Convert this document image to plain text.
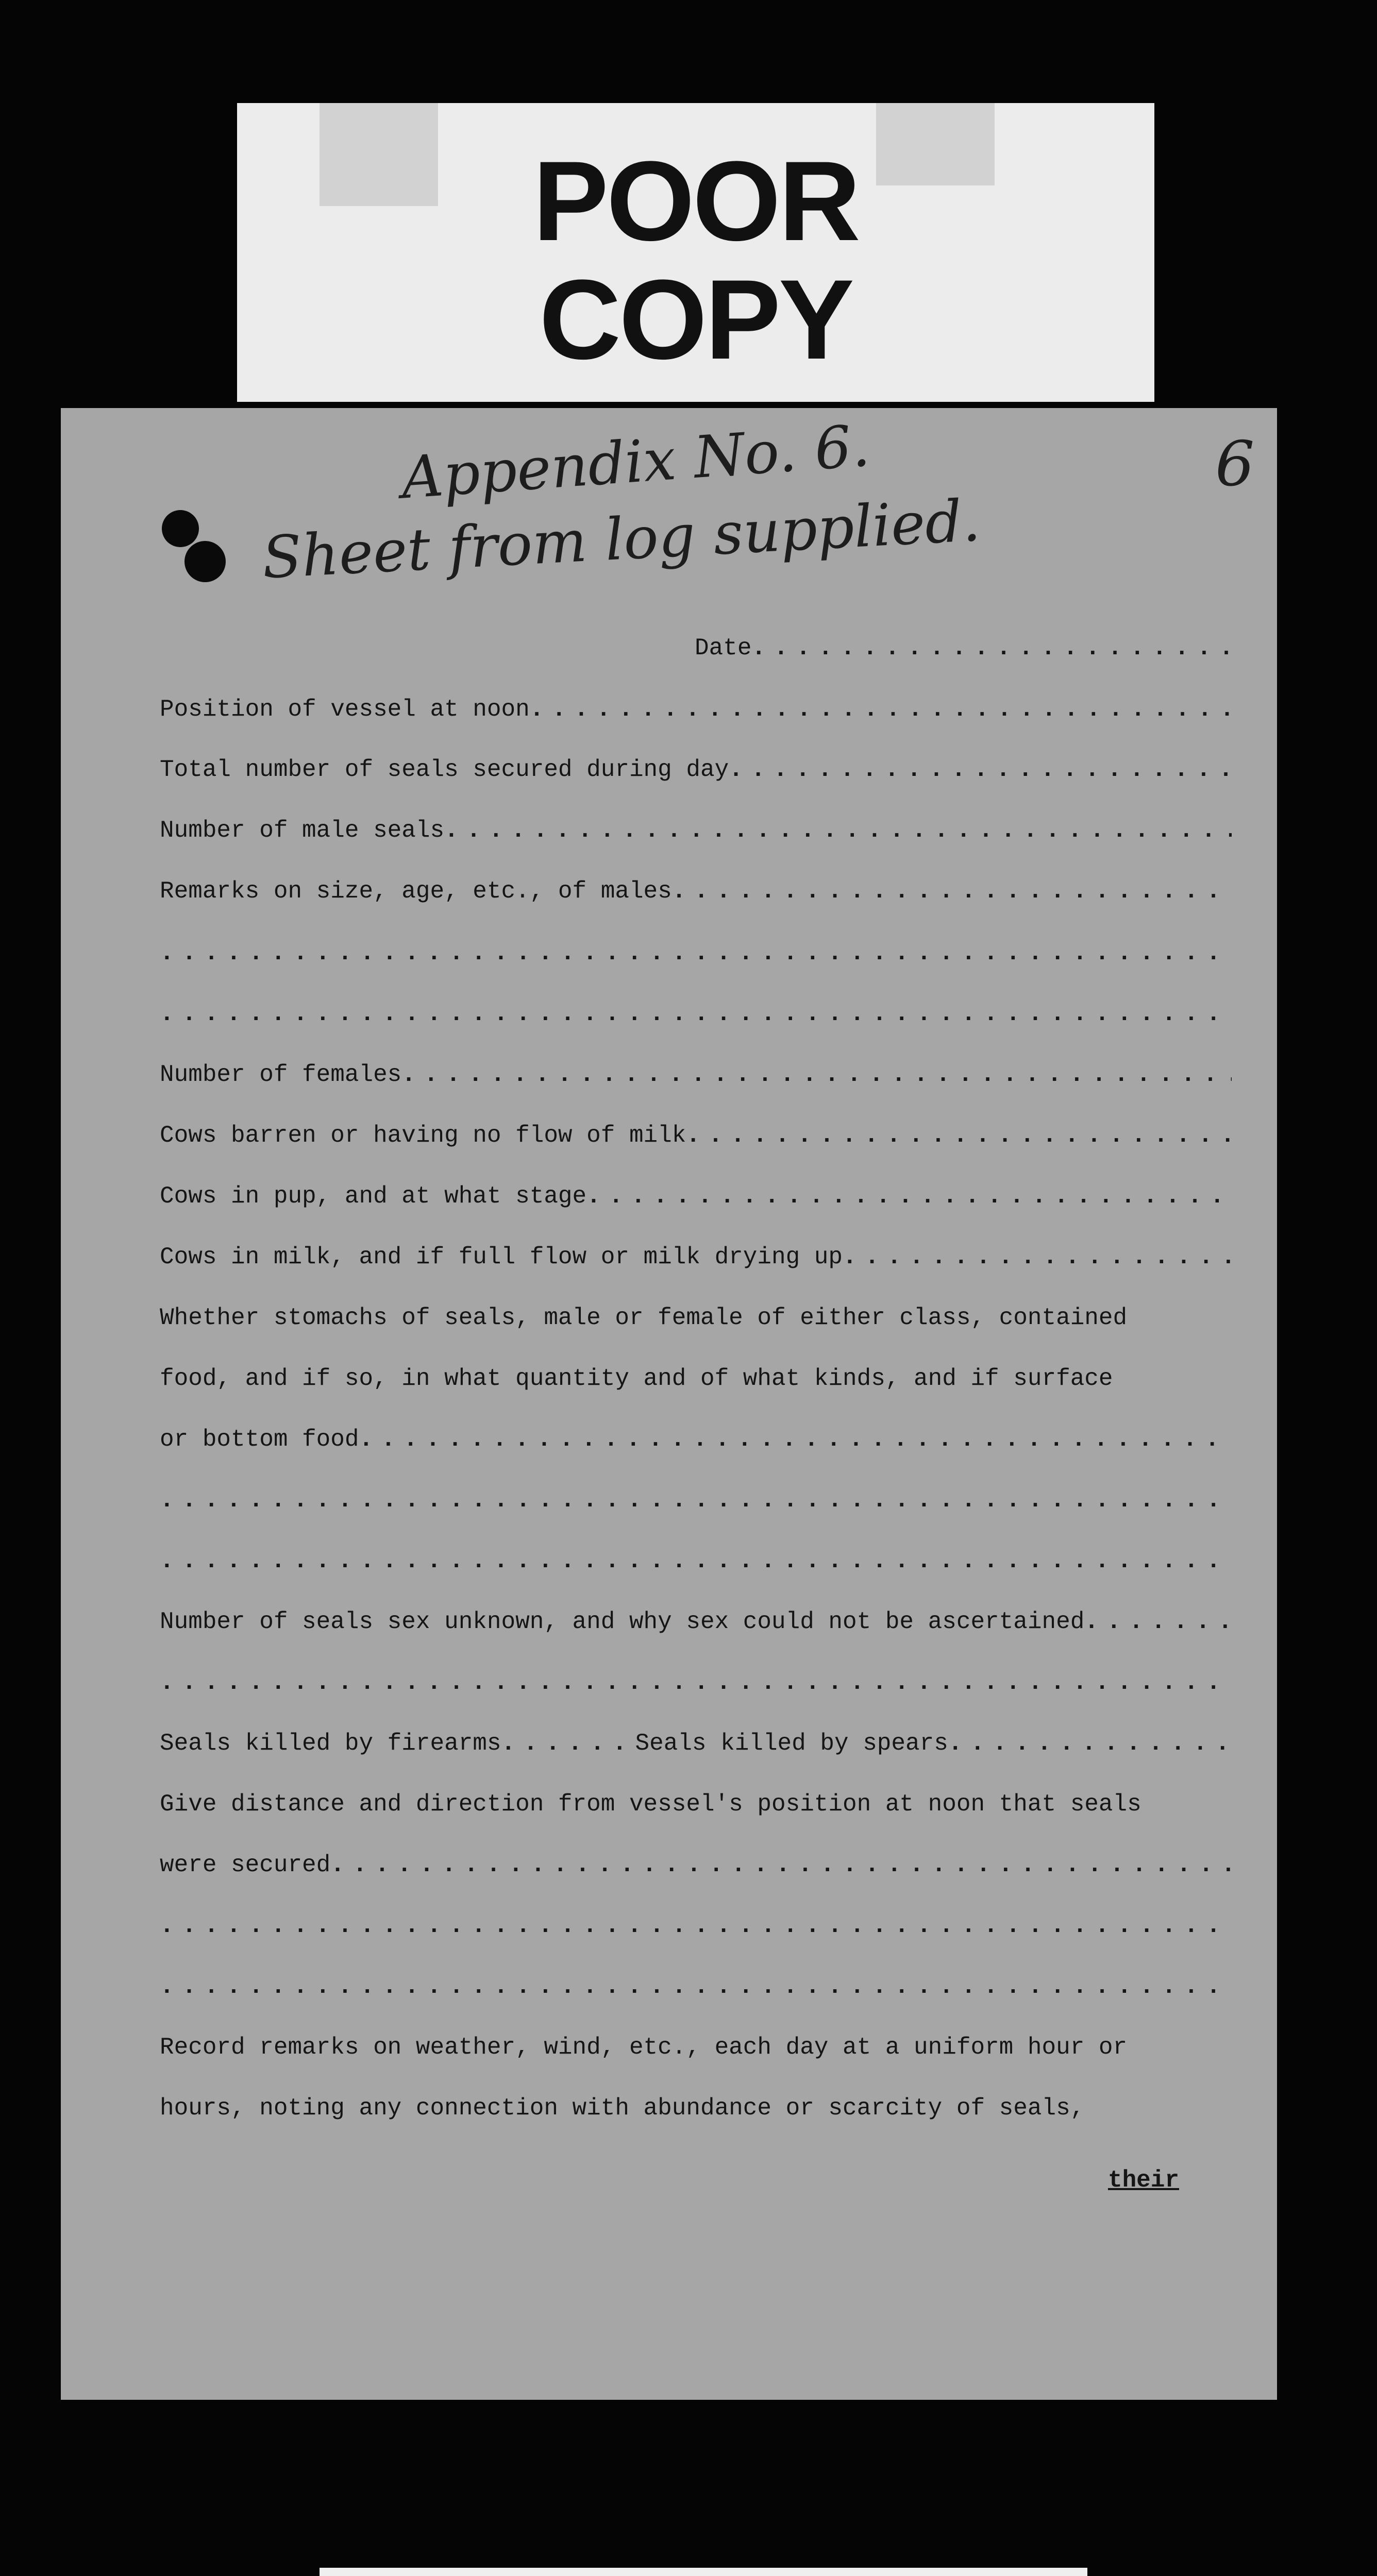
POOR
COPY
Appendix No. 6.	6
Sheet from log supplied.
Date
. . .
Position of vessel at noon
. . .
Total number of seals secured during day
. . .
Number of male seals
. . .
Remarks on size, age, etc., of males
. . .
. . .
. . .
Number of females
. . .
Cows barren or having no flow of milk
. . .
Cows in pup, and at what stage
. . .
Cows in milk, and if full flow or milk drying up
. . .
Whether stomachs of seals, male or female of either class, contained
food, and if so, in what quantity and of what kinds, and if surface
or bottom food
. . .
. . .
. . .
Number of seals sex unknown, and why sex could not be ascertained
. . .
. . .
Seals killed by firearms
. . .	Seals killed by spears
. . .
Give distance and direction from vessel's position at noon that seals
were secured
. . .
. . .
. . .
Record remarks on weather, wind, etc., each day at a uniform hour or
hours, noting any connection with abundance or scarcity of seals,
their
